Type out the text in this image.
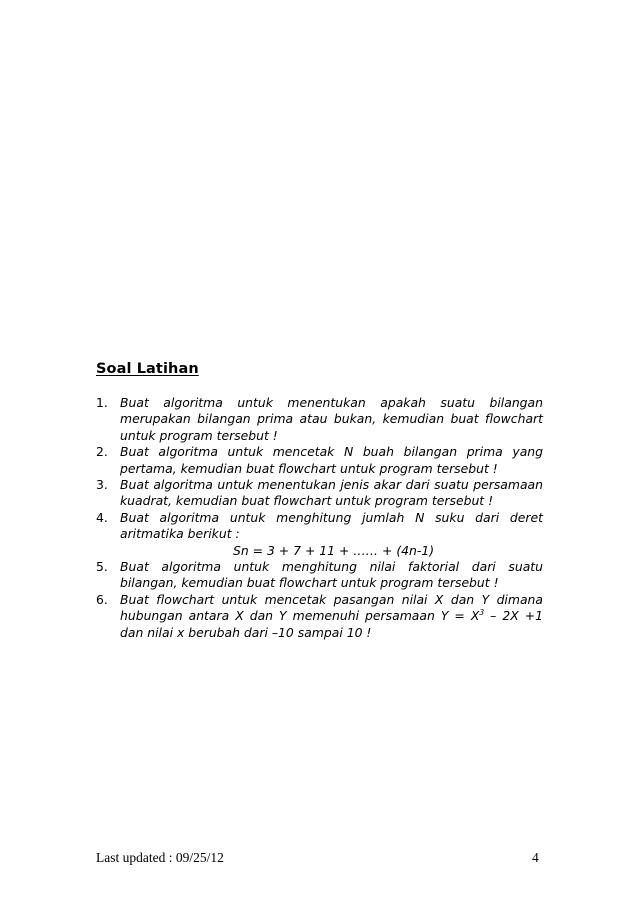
Soal Latihan
1. Buat algoritma untuk menentukan apakah suatu bilangan merupakan bilangan prima atau bukan, kemudian buat flowchart untuk program tersebut !
2. Buat algoritma untuk mencetak N buah bilangan prima yang pertama, kemudian buat flowchart untuk program tersebut !
3. Buat algoritma untuk menentukan jenis akar dari suatu persamaan kuadrat, kemudian buat flowchart untuk program tersebut !
4. Buat algoritma untuk menghitung jumlah N suku dari deret aritmatika berikut :
Sn = 3 + 7 + 11 + …… + (4n-1)
5. Buat algoritma untuk menghitung nilai faktorial dari suatu bilangan, kemudian buat flowchart untuk program tersebut !
6. Buat flowchart untuk mencetak pasangan nilai X dan Y dimana hubungan antara X dan Y memenuhi persamaan $Y = X^3 - 2X +1$ dan nilai x berubah dari –10 sampai 10 !
Last updated : 09/25/12	4
